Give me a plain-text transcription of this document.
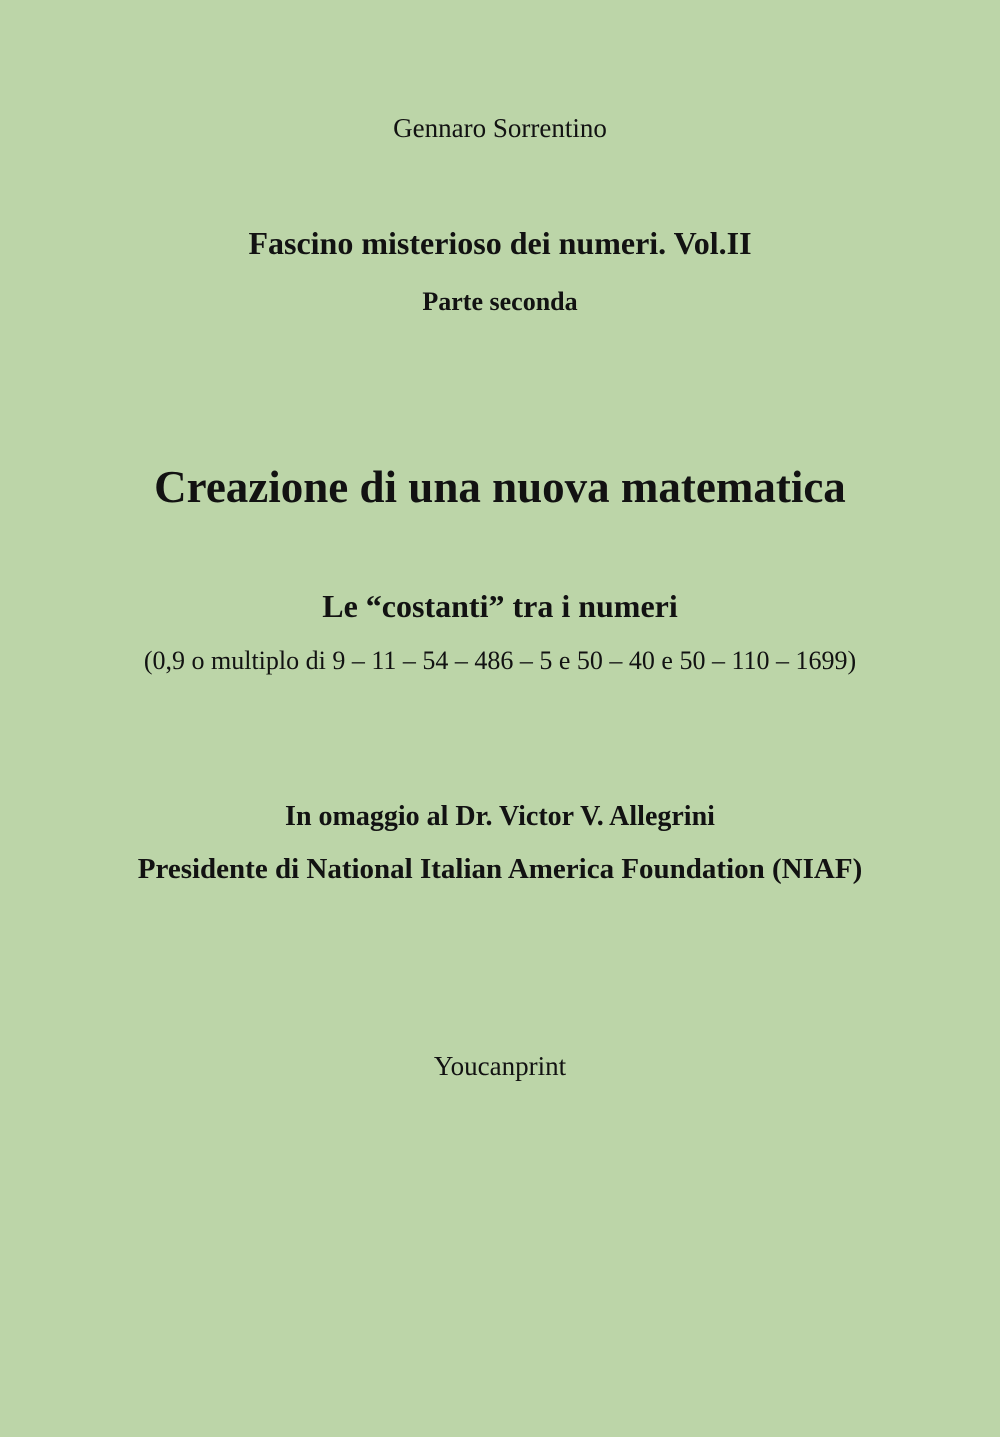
Gennaro Sorrentino
Fascino misterioso dei numeri. Vol.II
Parte seconda
Creazione di una nuova matematica
Le “costanti” tra i numeri
(0,9 o multiplo di 9 – 11 – 54 – 486 – 5 e 50 – 40 e 50 – 110 – 1699)
In omaggio al Dr. Victor V. Allegrini
Presidente di National Italian America Foundation (NIAF)
Youcanprint
